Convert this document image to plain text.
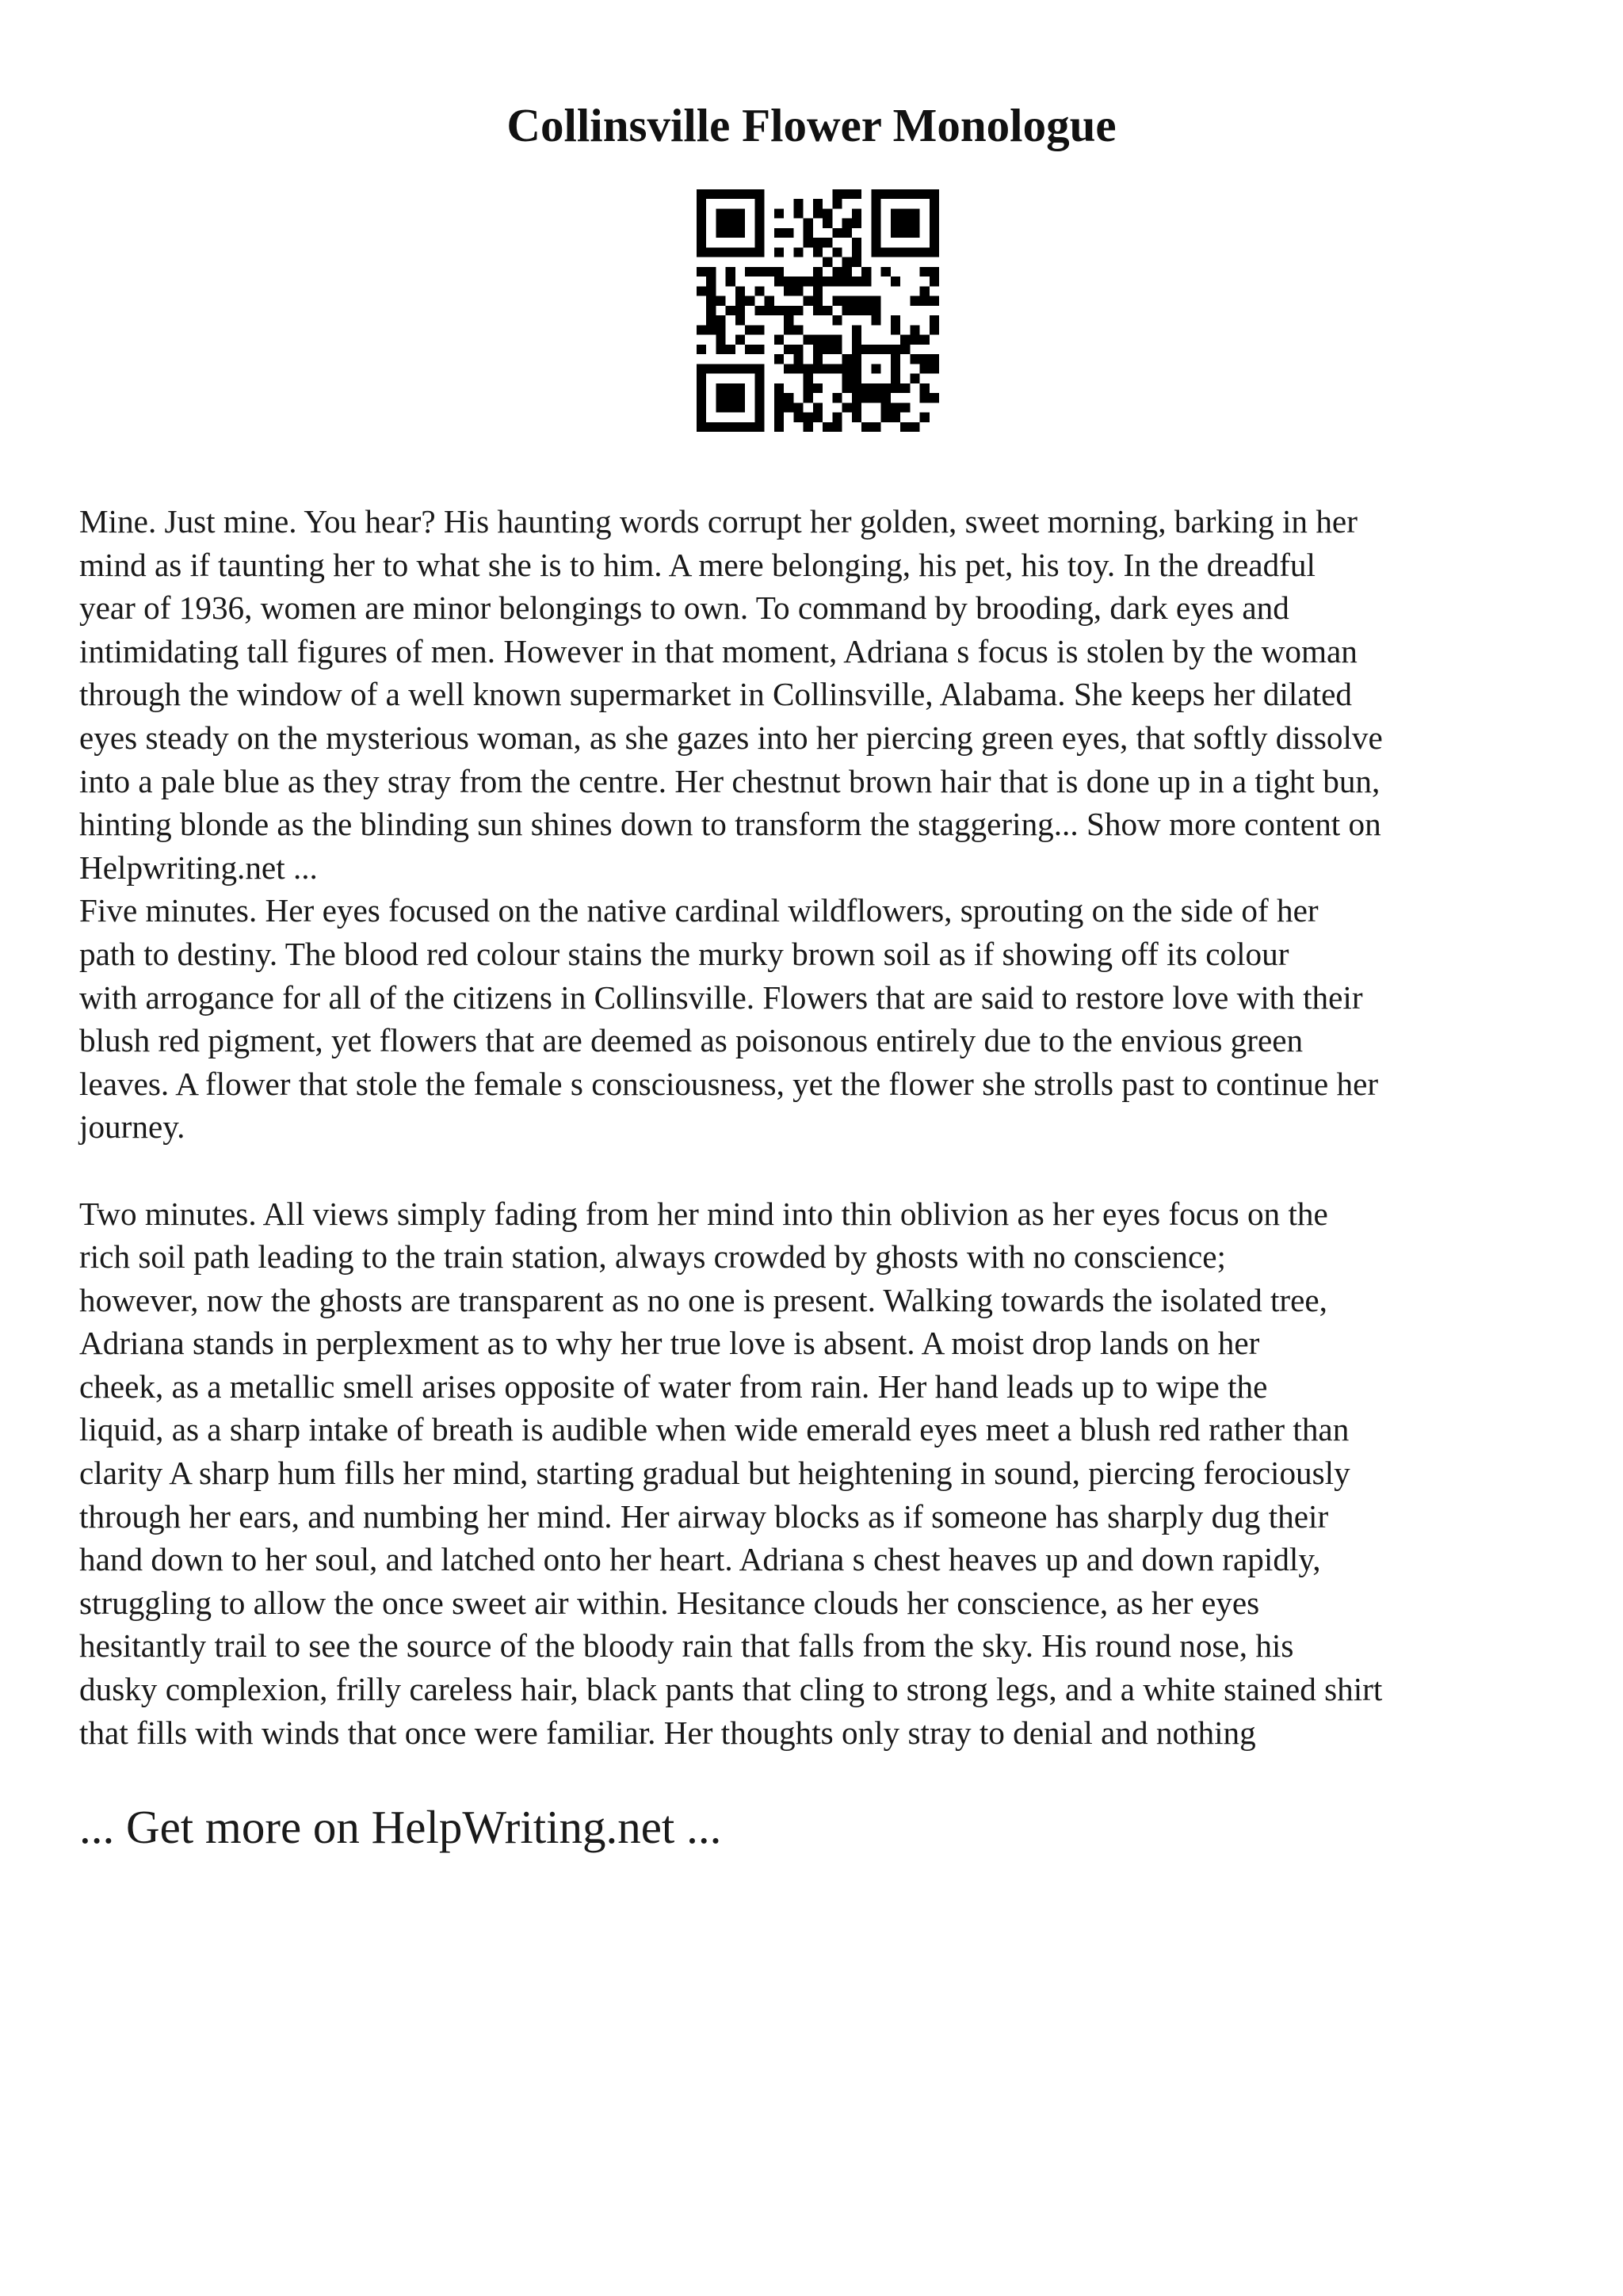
Collinsville Flower Monologue

Mine. Just mine. You hear? His haunting words corrupt her golden, sweet morning, barking in her

mind as if taunting her to what she is to him. A mere belonging, his pet, his toy. In the dreadful

year of 1936, women are minor belongings to own. To command by brooding, dark eyes and

intimidating tall figures of men. However in that moment, Adriana s focus is stolen by the woman

through the window of a well known supermarket in Collinsville, Alabama. She keeps her dilated

eyes steady on the mysterious woman, as she gazes into her piercing green eyes, that softly dissolve

into a pale blue as they stray from the centre. Her chestnut brown hair that is done up in a tight bun,

hinting blonde as the blinding sun shines down to transform the staggering... Show more content on

Helpwriting.net ...

Five minutes. Her eyes focused on the native cardinal wildflowers, sprouting on the side of her

path to destiny. The blood red colour stains the murky brown soil as if showing off its colour

with arrogance for all of the citizens in Collinsville. Flowers that are said to restore love with their

blush red pigment, yet flowers that are deemed as poisonous entirely due to the envious green

leaves. A flower that stole the female s consciousness, yet the flower she strolls past to continue her

journey.

Two minutes. All views simply fading from her mind into thin oblivion as her eyes focus on the

rich soil path leading to the train station, always crowded by ghosts with no conscience;

however, now the ghosts are transparent as no one is present. Walking towards the isolated tree,

Adriana stands in perplexment as to why her true love is absent. A moist drop lands on her

cheek, as a metallic smell arises opposite of water from rain. Her hand leads up to wipe the

liquid, as a sharp intake of breath is audible when wide emerald eyes meet a blush red rather than

clarity A sharp hum fills her mind, starting gradual but heightening in sound, piercing ferociously

through her ears, and numbing her mind. Her airway blocks as if someone has sharply dug their

hand down to her soul, and latched onto her heart. Adriana s chest heaves up and down rapidly,

struggling to allow the once sweet air within. Hesitance clouds her conscience, as her eyes

hesitantly trail to see the source of the bloody rain that falls from the sky. His round nose, his

dusky complexion, frilly careless hair, black pants that cling to strong legs, and a white stained shirt

that fills with winds that once were familiar. Her thoughts only stray to denial and nothing

... Get more on HelpWriting.net ...
